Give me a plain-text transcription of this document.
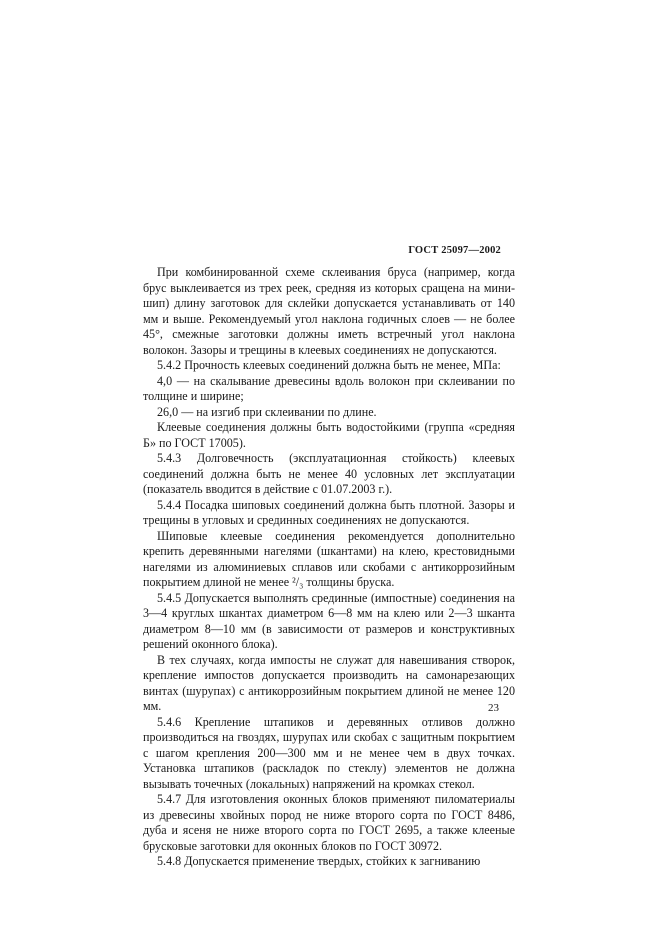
ГОСТ 25097—2002

При комбинированной схеме склеивания бруса (например, когда брус выклеивается из трех реек, средняя из которых сращена на мини-шип) длину заготовок для склейки допускается устанавливать от 140 мм и выше. Рекомендуемый угол наклона годичных слоев — не более 45°, смежные заготовки должны иметь встречный угол наклона волокон. Зазоры и трещины в клеевых соединениях не допускаются.

5.4.2 Прочность клеевых соединений должна быть не менее, МПа:

4,0 — на скалывание древесины вдоль волокон при склеивании по толщине и ширине;

26,0 — на изгиб при склеивании по длине.

Клеевые соединения должны быть водостойкими (группа «средняя Б» по ГОСТ 17005).

5.4.3 Долговечность (эксплуатационная стойкость) клеевых соединений должна быть не менее 40 условных лет эксплуатации (показатель вводится в действие с 01.07.2003 г.).

5.4.4 Посадка шиповых соединений должна быть плотной. Зазоры и трещины в угловых и срединных соединениях не допускаются.

Шиповые клеевые соединения рекомендуется дополнительно крепить деревянными нагелями (шкантами) на клею, крестовидными нагелями из алюминиевых сплавов или скобами с антикоррозийным покрытием длиной не менее ²/₃ толщины бруска.

5.4.5 Допускается выполнять срединные (импостные) соединения на 3—4 круглых шкантах диаметром 6—8 мм на клею или 2—3 шканта диаметром 8—10 мм (в зависимости от размеров и конструктивных решений оконного блока).

В тех случаях, когда импосты не служат для навешивания створок, крепление импостов допускается производить на самонарезающих винтах (шурупах) с антикоррозийным покрытием длиной не менее 120 мм.

5.4.6 Крепление штапиков и деревянных отливов должно производиться на гвоздях, шурупах или скобах с защитным покрытием с шагом крепления 200—300 мм и не менее чем в двух точках. Установка штапиков (раскладок по стеклу) элементов не должна вызывать точечных (локальных) напряжений на кромках стекол.

5.4.7 Для изготовления оконных блоков применяют пиломатериалы из древесины хвойных пород не ниже второго сорта по ГОСТ 8486, дуба и ясеня не ниже второго сорта по ГОСТ 2695, а также клееные брусковые заготовки для оконных блоков по ГОСТ 30972.

5.4.8 Допускается применение твердых, стойких к загниванию

23
